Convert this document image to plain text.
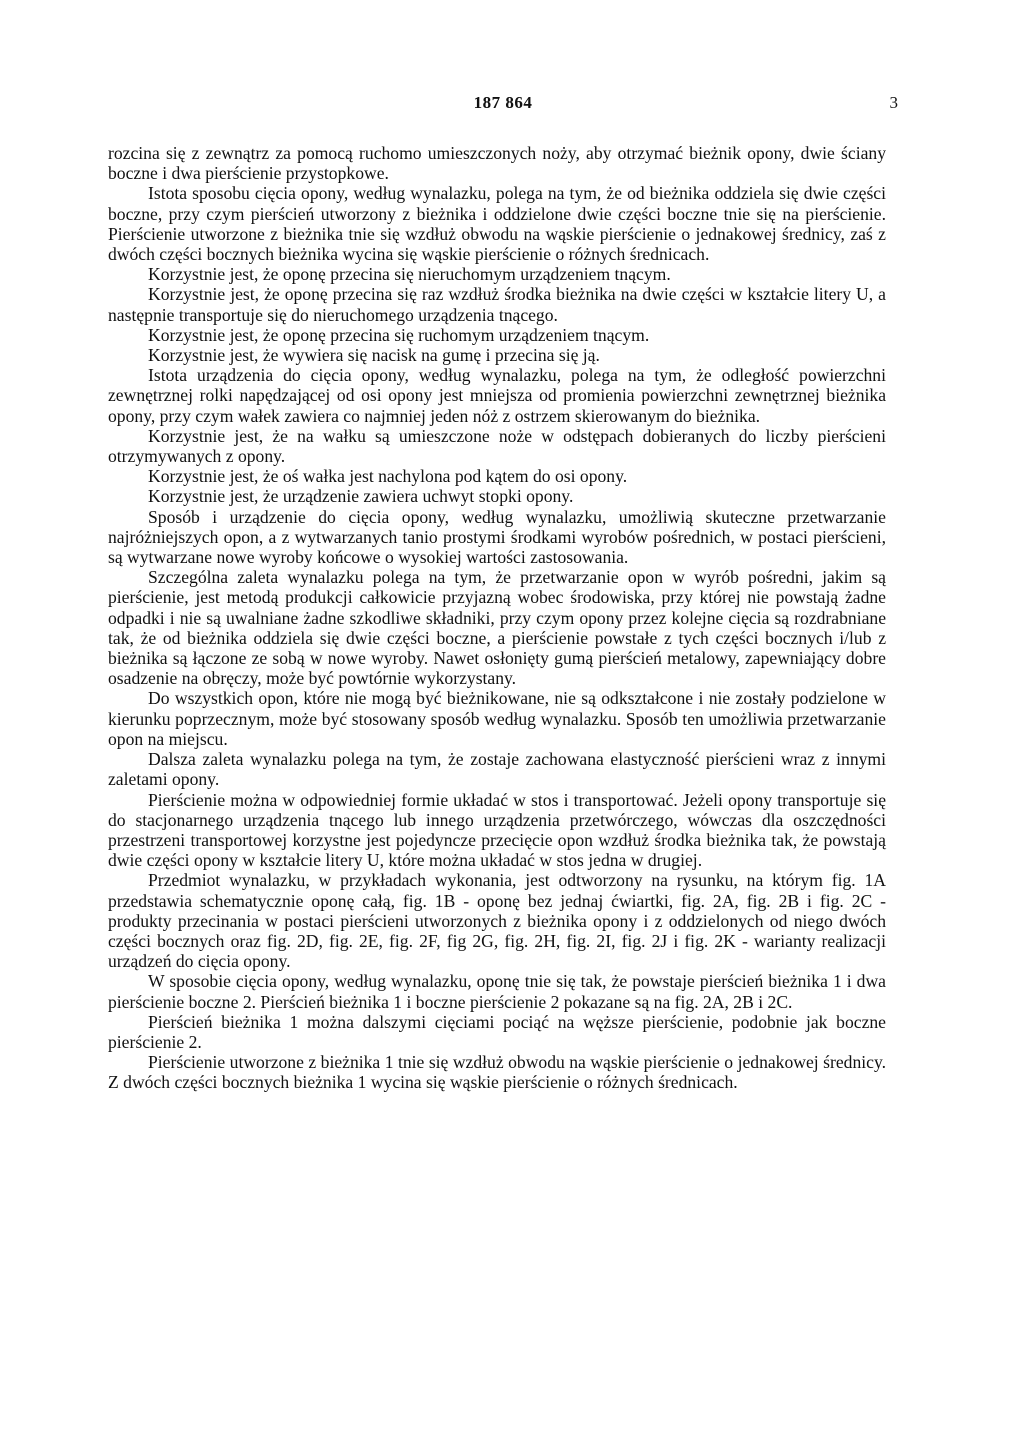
187 864	3

rozcina się z zewnątrz za pomocą ruchomo umieszczonych noży, aby otrzymać bieżnik opony, dwie ściany boczne i dwa pierścienie przystopkowe.

Istota sposobu cięcia opony, według wynalazku, polega na tym, że od bieżnika oddziela się dwie części boczne, przy czym pierścień utworzony z bieżnika i oddzielone dwie części boczne tnie się na pierścienie. Pierścienie utworzone z bieżnika tnie się wzdłuż obwodu na wąskie pierścienie o jednakowej średnicy, zaś z dwóch części bocznych bieżnika wycina się wąskie pierścienie o różnych średnicach.

Korzystnie jest, że oponę przecina się nieruchomym urządzeniem tnącym.

Korzystnie jest, że oponę przecina się raz wzdłuż środka bieżnika na dwie części w kształcie litery U, a następnie transportuje się do nieruchomego urządzenia tnącego.

Korzystnie jest, że oponę przecina się ruchomym urządzeniem tnącym.

Korzystnie jest, że wywiera się nacisk na gumę i przecina się ją.

Istota urządzenia do cięcia opony, według wynalazku, polega na tym, że odległość powierzchni zewnętrznej rolki napędzającej od osi opony jest mniejsza od promienia powierzchni zewnętrznej bieżnika opony, przy czym wałek zawiera co najmniej jeden nóż z ostrzem skierowanym do bieżnika.

Korzystnie jest, że na wałku są umieszczone noże w odstępach dobieranych do liczby pierścieni otrzymywanych z opony.

Korzystnie jest, że oś wałka jest nachylona pod kątem do osi opony.

Korzystnie jest, że urządzenie zawiera uchwyt stopki opony.

Sposób i urządzenie do cięcia opony, według wynalazku, umożliwią skuteczne przetwarzanie najróżniejszych opon, a z wytwarzanych tanio prostymi środkami wyrobów pośrednich, w postaci pierścieni, są wytwarzane nowe wyroby końcowe o wysokiej wartości zastosowania.

Szczególna zaleta wynalazku polega na tym, że przetwarzanie opon w wyrób pośredni, jakim są pierścienie, jest metodą produkcji całkowicie przyjazną wobec środowiska, przy której nie powstają żadne odpadki i nie są uwalniane żadne szkodliwe składniki, przy czym opony przez kolejne cięcia są rozdrabniane tak, że od bieżnika oddziela się dwie części boczne, a pierścienie powstałe z tych części bocznych i/lub z bieżnika są łączone ze sobą w nowe wyroby. Nawet osłonięty gumą pierścień metalowy, zapewniający dobre osadzenie na obręczy, może być powtórnie wykorzystany.

Do wszystkich opon, które nie mogą być bieżnikowane, nie są odkształcone i nie zostały podzielone w kierunku poprzecznym, może być stosowany sposób według wynalazku. Sposób ten umożliwia przetwarzanie opon na miejscu.

Dalsza zaleta wynalazku polega na tym, że zostaje zachowana elastyczność pierścieni wraz z innymi zaletami opony.

Pierścienie można w odpowiedniej formie układać w stos i transportować. Jeżeli opony transportuje się do stacjonarnego urządzenia tnącego lub innego urządzenia przetwórczego, wówczas dla oszczędności przestrzeni transportowej korzystne jest pojedyncze przecięcie opon wzdłuż środka bieżnika tak, że powstają dwie części opony w kształcie litery U, które można układać w stos jedna w drugiej.

Przedmiot wynalazku, w przykładach wykonania, jest odtworzony na rysunku, na którym fig. 1A przedstawia schematycznie oponę całą, fig. 1B - oponę bez jednaj ćwiartki, fig. 2A, fig. 2B i fig. 2C - produkty przecinania w postaci pierścieni utworzonych z bieżnika opony i z oddzielonych od niego dwóch części bocznych oraz fig. 2D, fig. 2E, fig. 2F, fig 2G, fig. 2H, fig. 2I, fig. 2J i fig. 2K - warianty realizacji urządzeń do cięcia opony.

W sposobie cięcia opony, według wynalazku, oponę tnie się tak, że powstaje pierścień bieżnika 1 i dwa pierścienie boczne 2. Pierścień bieżnika 1 i boczne pierścienie 2 pokazane są na fig. 2A, 2B i 2C.

Pierścień bieżnika 1 można dalszymi cięciami pociąć na węższe pierścienie, podobnie jak boczne pierścienie 2.

Pierścienie utworzone z bieżnika 1 tnie się wzdłuż obwodu na wąskie pierścienie o jednakowej średnicy. Z dwóch części bocznych bieżnika 1 wycina się wąskie pierścienie o różnych średnicach.
